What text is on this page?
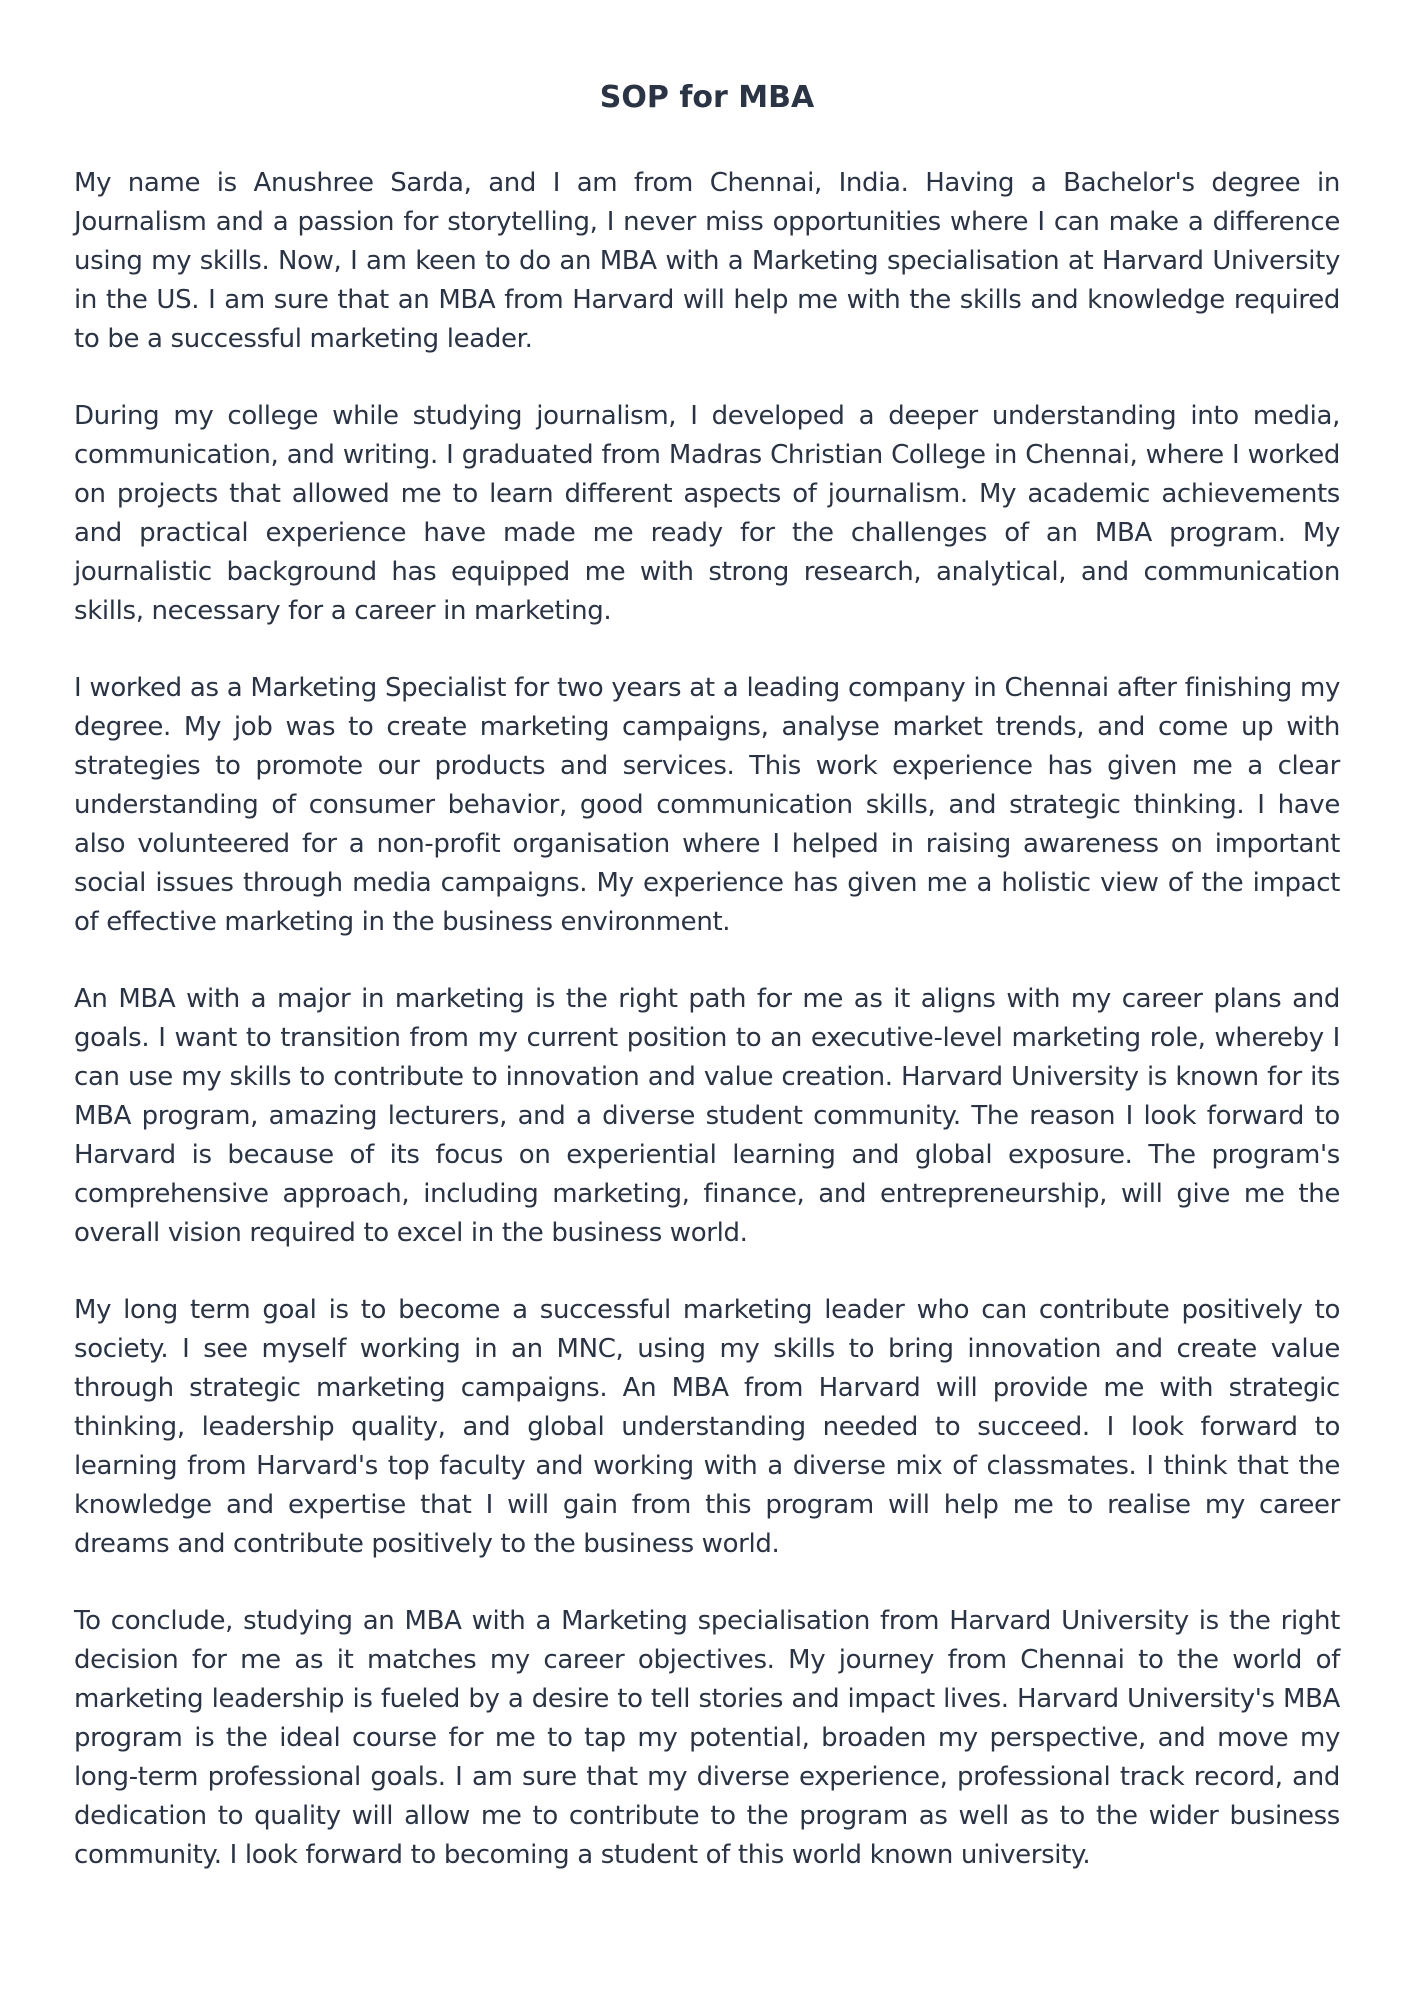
SOP for MBA

My name is Anushree Sarda, and I am from Chennai, India. Having a Bachelor's degree in Journalism and a passion for storytelling, I never miss opportunities where I can make a difference using my skills. Now, I am keen to do an MBA with a Marketing specialisation at Harvard University in the US. I am sure that an MBA from Harvard will help me with the skills and knowledge required to be a successful marketing leader.

During my college while studying journalism, I developed a deeper understanding into media, communication, and writing. I graduated from Madras Christian College in Chennai, where I worked on projects that allowed me to learn different aspects of journalism. My academic achievements and practical experience have made me ready for the challenges of an MBA program. My journalistic background has equipped me with strong research, analytical, and communication skills, necessary for a career in marketing.

I worked as a Marketing Specialist for two years at a leading company in Chennai after finishing my degree. My job was to create marketing campaigns, analyse market trends, and come up with strategies to promote our products and services. This work experience has given me a clear understanding of consumer behavior, good communication skills, and strategic thinking. I have also volunteered for a non-profit organisation where I helped in raising awareness on important social issues through media campaigns. My experience has given me a holistic view of the impact of effective marketing in the business environment.

An MBA with a major in marketing is the right path for me as it aligns with my career plans and goals. I want to transition from my current position to an executive-level marketing role, whereby I can use my skills to contribute to innovation and value creation. Harvard University is known for its MBA program, amazing lecturers, and a diverse student community. The reason I look forward to Harvard is because of its focus on experiential learning and global exposure. The program's comprehensive approach, including marketing, finance, and entrepreneurship, will give me the overall vision required to excel in the business world.

My long term goal is to become a successful marketing leader who can contribute positively to society. I see myself working in an MNC, using my skills to bring innovation and create value through strategic marketing campaigns. An MBA from Harvard will provide me with strategic thinking, leadership quality, and global understanding needed to succeed. I look forward to learning from Harvard's top faculty and working with a diverse mix of classmates. I think that the knowledge and expertise that I will gain from this program will help me to realise my career dreams and contribute positively to the business world.

To conclude, studying an MBA with a Marketing specialisation from Harvard University is the right decision for me as it matches my career objectives. My journey from Chennai to the world of marketing leadership is fueled by a desire to tell stories and impact lives. Harvard University's MBA program is the ideal course for me to tap my potential, broaden my perspective, and move my long-term professional goals. I am sure that my diverse experience, professional track record, and dedication to quality will allow me to contribute to the program as well as to the wider business community. I look forward to becoming a student of this world known university.
